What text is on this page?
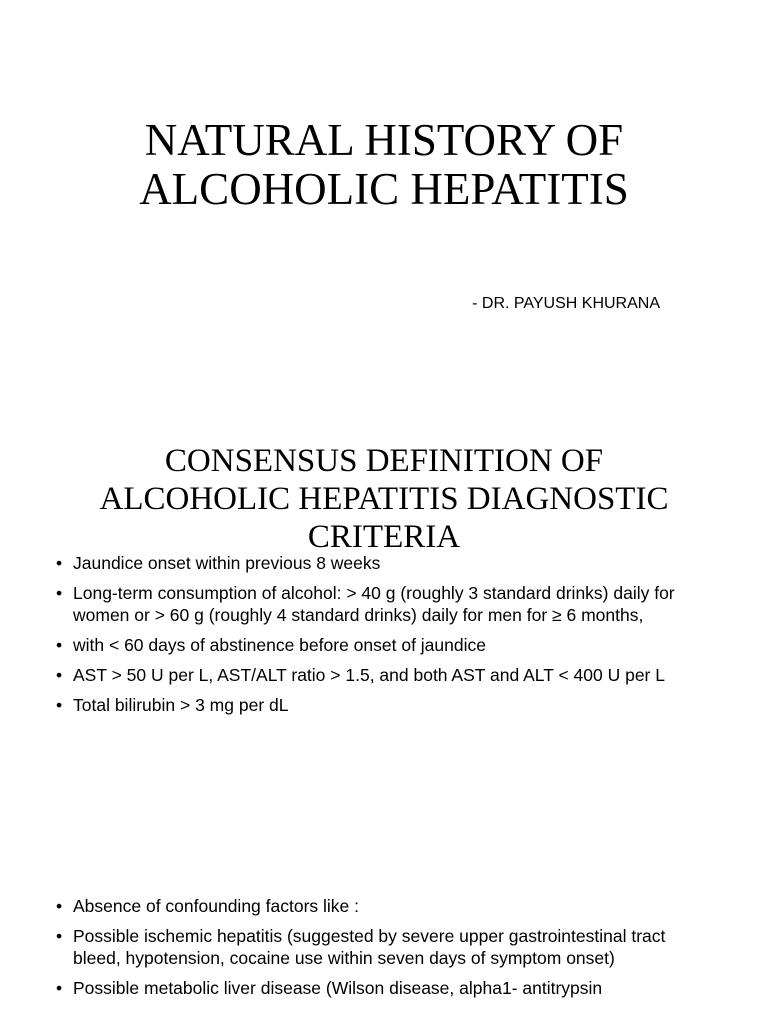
NATURAL HISTORY OF
ALCOHOLIC HEPATITIS

- DR. PAYUSH KHURANA

CONSENSUS DEFINITION OF
ALCOHOLIC HEPATITIS DIAGNOSTIC
CRITERIA
• Jaundice onset within previous 8 weeks
• Long-term consumption of alcohol: > 40 g (roughly 3 standard drinks) daily for women or > 60 g (roughly 4 standard drinks) daily for men for ≥ 6 months,
• with < 60 days of abstinence before onset of jaundice
• AST > 50 U per L, AST/ALT ratio > 1.5, and both AST and ALT < 400 U per L
• Total bilirubin > 3 mg per dL
• Absence of confounding factors like :
• Possible ischemic hepatitis (suggested by severe upper gastrointestinal tract bleed, hypotension, cocaine use within seven days of symptom onset)
• Possible metabolic liver disease (Wilson disease, alpha1- antitrypsin
